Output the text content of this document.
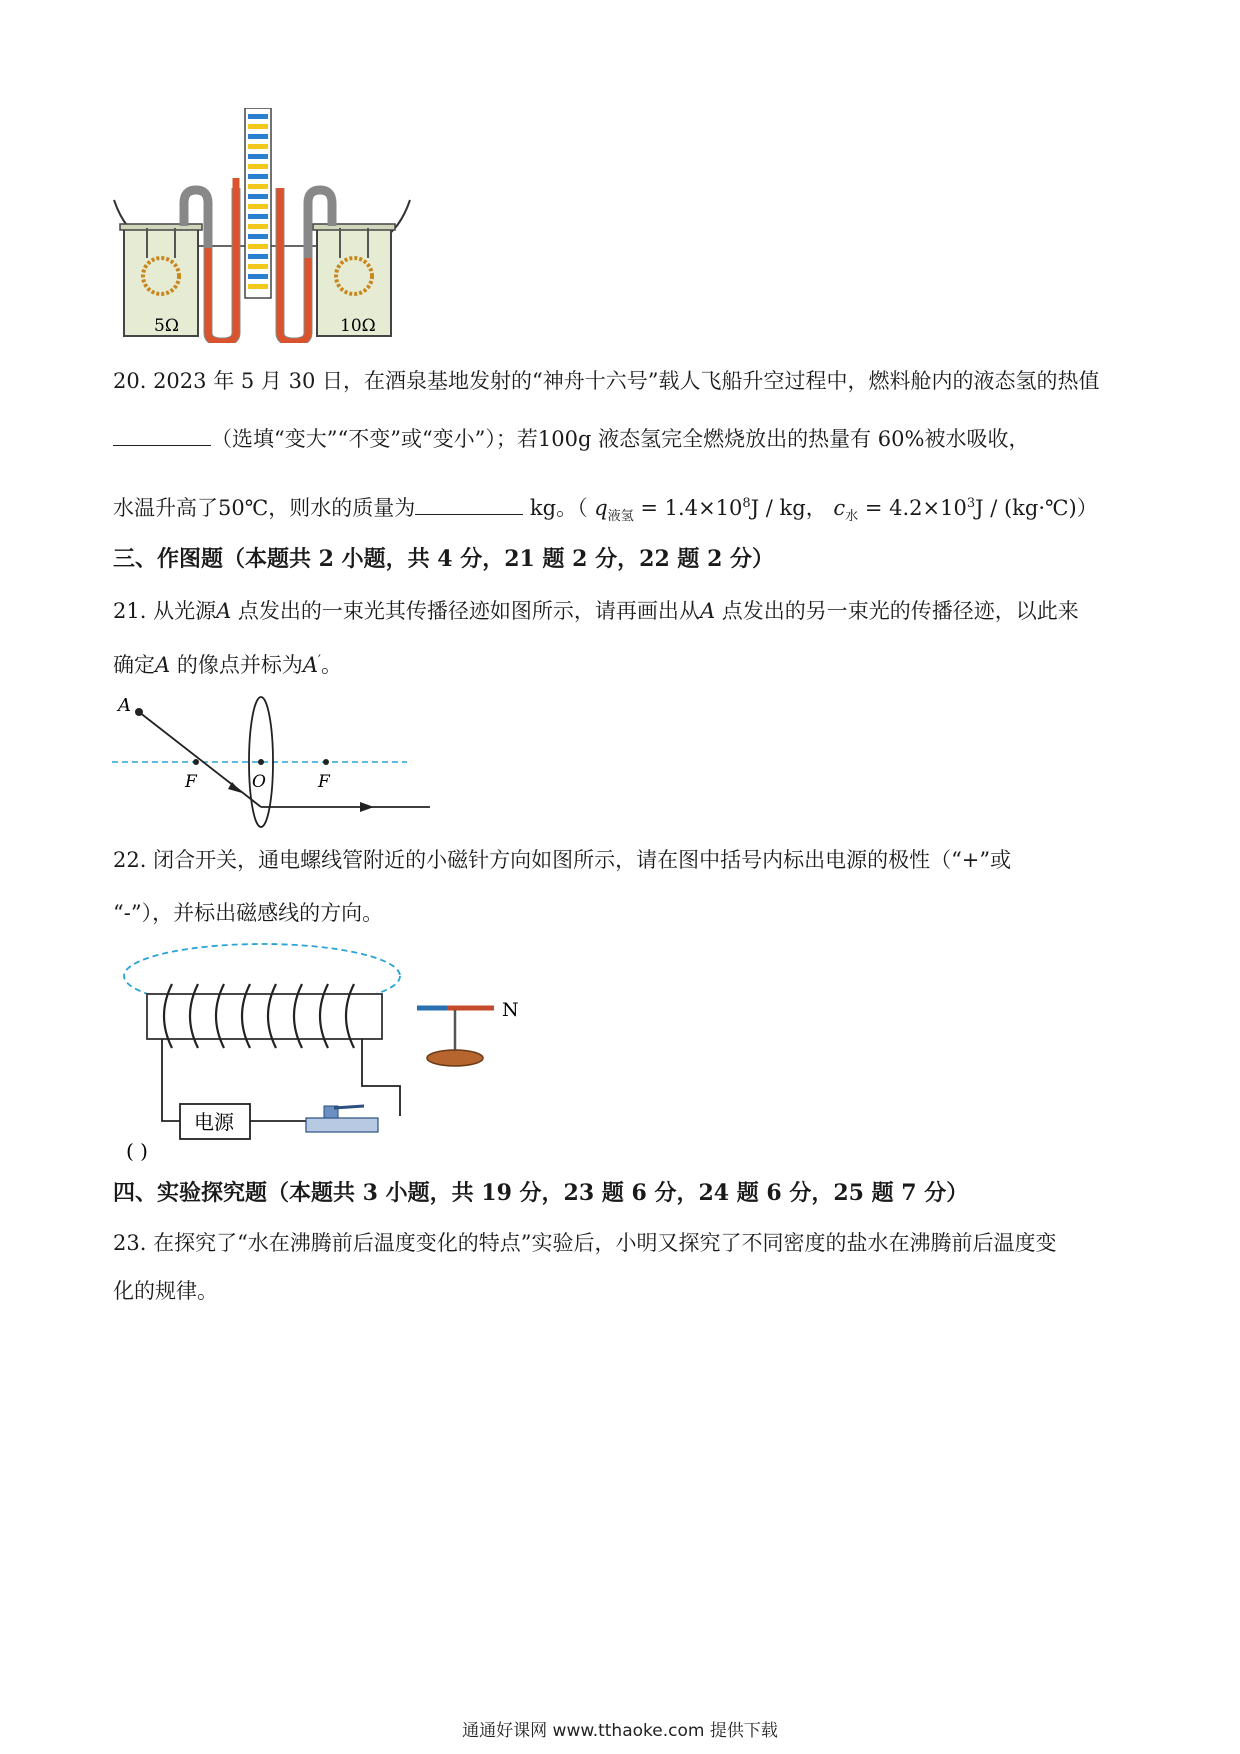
5Ω	10Ω
20. 2023 年 5 月 30 日，在酒泉基地发射的“神舟十六号”载人飞船升空过程中，燃料舱内的液态氢的热值
（选填“变大”“不变”或“变小”）；若100g 液态氢完全燃烧放出的热量有 60%被水吸收，
水温升高了50℃，则水的质量为	kg。（ $q_{液氢} = 1.4\times 10^8J$ / kg， $c_水 = 4.2\times 10^3J$ / (kg·℃)）
三、作图题（本题共 2 小题，共 4 分，21 题 2 分，22 题 2 分）
21. 从光源A 点发出的一束光其传播径迹如图所示，请再画出从A 点发出的另一束光的传播径迹，以此来
确定A 的像点并标为A′。
A
F	O	F
22. 闭合开关，通电螺线管附近的小磁针方向如图所示，请在图中括号内标出电源的极性（“+”或
“-”），并标出磁感线的方向。
N
电源
( )
四、实验探究题（本题共 3 小题，共 19 分，23 题 6 分，24 题 6 分，25 题 7 分）
23. 在探究了“水在沸腾前后温度变化的特点”实验后，小明又探究了不同密度的盐水在沸腾前后温度变
化的规律。
通通好课网 www.tthaoke.com 提供下载
